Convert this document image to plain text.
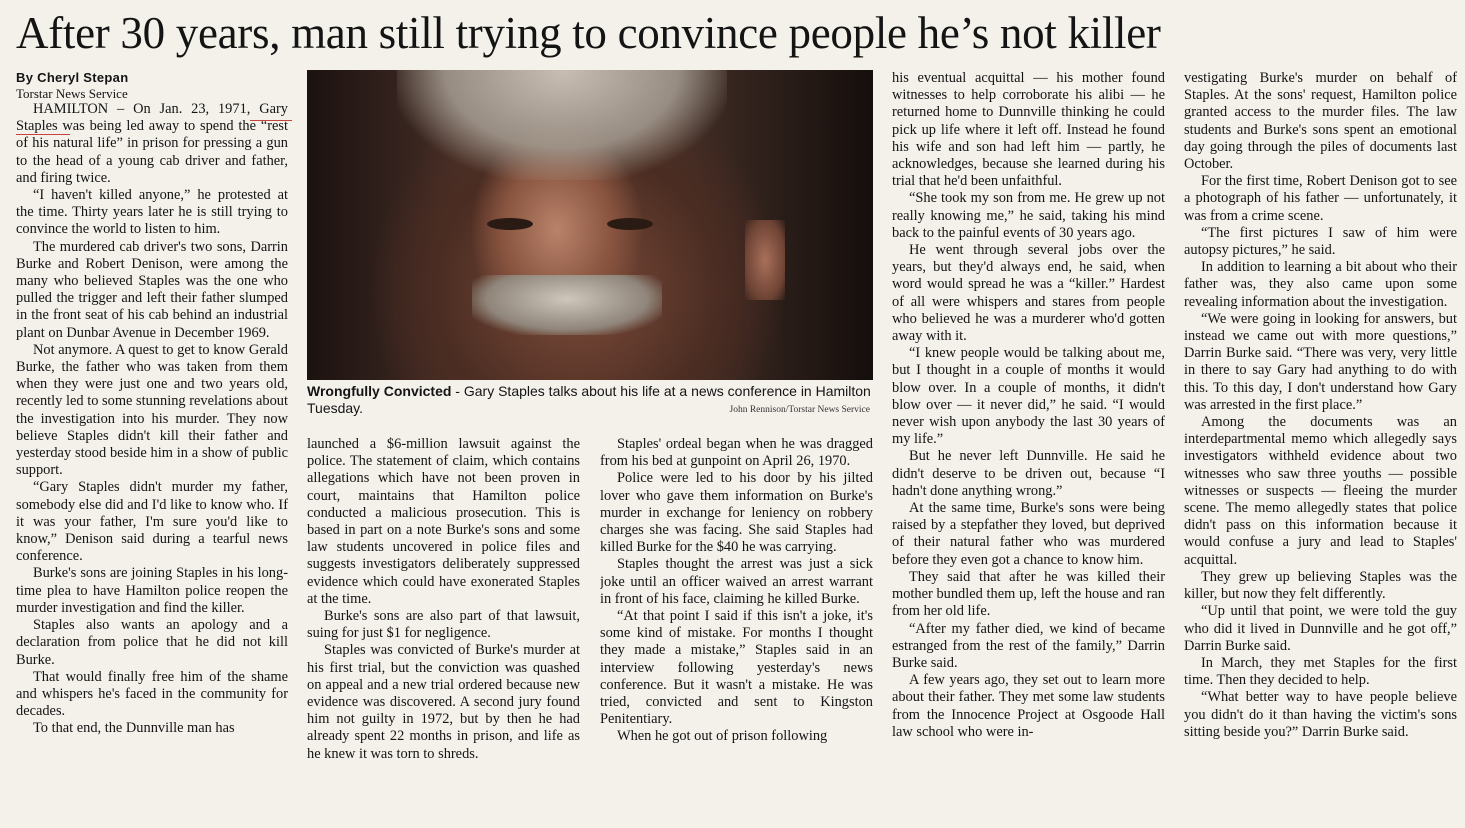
After 30 years, man still trying to convince people he’s not killer

By Cheryl Stepan

Torstar News Service

HAMILTON – On Jan. 23, 1971, Gary Staples was being led away to spend the “rest of his natural life” in prison for pressing a gun to the head of a young cab driver and father, and firing twice.

“I haven't killed anyone,” he protested at the time. Thirty years later he is still trying to convince the world to listen to him.

The murdered cab driver's two sons, Darrin Burke and Robert Denison, were among the many who believed Staples was the one who pulled the trigger and left their father slumped in the front seat of his cab behind an industrial plant on Dunbar Avenue in December 1969.

Not anymore. A quest to get to know Gerald Burke, the father who was taken from them when they were just one and two years old, recently led to some stunning revelations about the investigation into his murder. They now believe Staples didn't kill their father and yesterday stood beside him in a show of public support.

“Gary Staples didn't murder my father, somebody else did and I'd like to know who. If it was your father, I'm sure you'd like to know,” Denison said during a tearful news conference.

Burke's sons are joining Staples in his long-time plea to have Hamilton police reopen the murder investigation and find the killer.

Staples also wants an apology and a declaration from police that he did not kill Burke.

That would finally free him of the shame and whispers he's faced in the community for decades.

To that end, the Dunnville man has

Wrongfully Convicted - Gary Staples talks about his life at a news conference in Hamilton Tuesday.	John Rennison/Torstar News Service

launched a $6-million lawsuit against the police. The statement of claim, which contains allegations which have not been proven in court, maintains that Hamilton police conducted a malicious prosecution. This is based in part on a note Burke's sons and some law students uncovered in police files and suggests investigators deliberately suppressed evidence which could have exonerated Staples at the time.

Burke's sons are also part of that lawsuit, suing for just $1 for negligence.

Staples was convicted of Burke's murder at his first trial, but the conviction was quashed on appeal and a new trial ordered because new evidence was discovered. A second jury found him not guilty in 1972, but by then he had already spent 22 months in prison, and life as he knew it was torn to shreds.

Staples' ordeal began when he was dragged from his bed at gunpoint on April 26, 1970.

Police were led to his door by his jilted lover who gave them information on Burke's murder in exchange for leniency on robbery charges she was facing. She said Staples had killed Burke for the $40 he was carrying.

Staples thought the arrest was just a sick joke until an officer waived an arrest warrant in front of his face, claiming he killed Burke.

“At that point I said if this isn't a joke, it's some kind of mistake. For months I thought they made a mistake,” Staples said in an interview following yesterday's news conference. But it wasn't a mistake. He was tried, convicted and sent to Kingston Penitentiary.

When he got out of prison following

his eventual acquittal — his mother found witnesses to help corroborate his alibi — he returned home to Dunnville thinking he could pick up life where it left off. Instead he found his wife and son had left him — partly, he acknowledges, because she learned during his trial that he'd been unfaithful.

“She took my son from me. He grew up not really knowing me,” he said, taking his mind back to the painful events of 30 years ago.

He went through several jobs over the years, but they'd always end, he said, when word would spread he was a “killer.” Hardest of all were whispers and stares from people who believed he was a murderer who'd gotten away with it.

“I knew people would be talking about me, but I thought in a couple of months it would blow over. In a couple of months, it didn't blow over — it never did,” he said. “I would never wish upon anybody the last 30 years of my life.”

But he never left Dunnville. He said he didn't deserve to be driven out, because “I hadn't done anything wrong.”

At the same time, Burke's sons were being raised by a stepfather they loved, but deprived of their natural father who was murdered before they even got a chance to know him.

They said that after he was killed their mother bundled them up, left the house and ran from her old life.

“After my father died, we kind of became estranged from the rest of the family,” Darrin Burke said.

A few years ago, they set out to learn more about their father. They met some law students from the Innocence Project at Osgoode Hall law school who were in-

vestigating Burke's murder on behalf of Staples. At the sons' request, Hamilton police granted access to the murder files. The law students and Burke's sons spent an emotional day going through the piles of documents last October.

For the first time, Robert Denison got to see a photograph of his father — unfortunately, it was from a crime scene.

“The first pictures I saw of him were autopsy pictures,” he said.

In addition to learning a bit about who their father was, they also came upon some revealing information about the investigation.

“We were going in looking for answers, but instead we came out with more questions,” Darrin Burke said. “There was very, very little in there to say Gary had anything to do with this. To this day, I don't understand how Gary was arrested in the first place.”

Among the documents was an interdepartmental memo which allegedly says investigators withheld evidence about two witnesses who saw three youths — possible witnesses or suspects — fleeing the murder scene. The memo allegedly states that police didn't pass on this information because it would confuse a jury and lead to Staples' acquittal.

They grew up believing Staples was the killer, but now they felt differently.

“Up until that point, we were told the guy who did it lived in Dunnville and he got off,” Darrin Burke said.

In March, they met Staples for the first time. Then they decided to help.

“What better way to have people believe you didn't do it than having the victim's sons sitting beside you?” Darrin Burke said.
